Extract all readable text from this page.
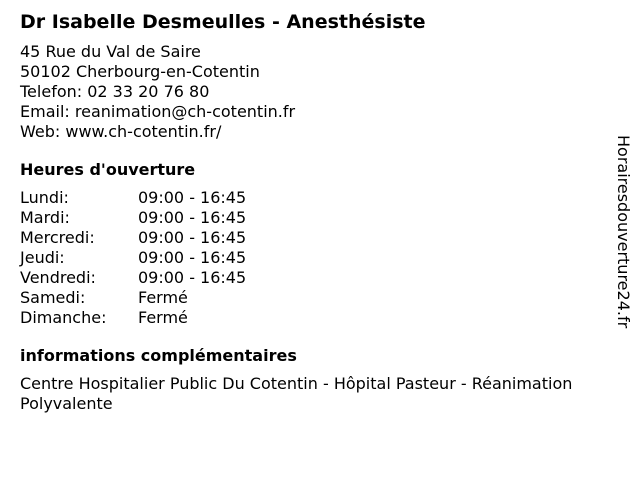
Dr Isabelle Desmeulles - Anesthésiste
45 Rue du Val de Saire
50102 Cherbourg-en-Cotentin
Telefon: 02 33 20 76 80
Email: reanimation@ch-cotentin.fr
Web: www.ch-cotentin.fr/
Heures d'ouverture
Lundi:	09:00 - 16:45
Mardi:	09:00 - 16:45
Mercredi:	09:00 - 16:45
Jeudi:	09:00 - 16:45
Vendredi:	09:00 - 16:45
Samedi:	Fermé
Dimanche: Fermé
informations complémentaires
Centre Hospitalier Public Du Cotentin - Hôpital Pasteur - Réanimation Polyvalente
Horairesdouverture24.fr
